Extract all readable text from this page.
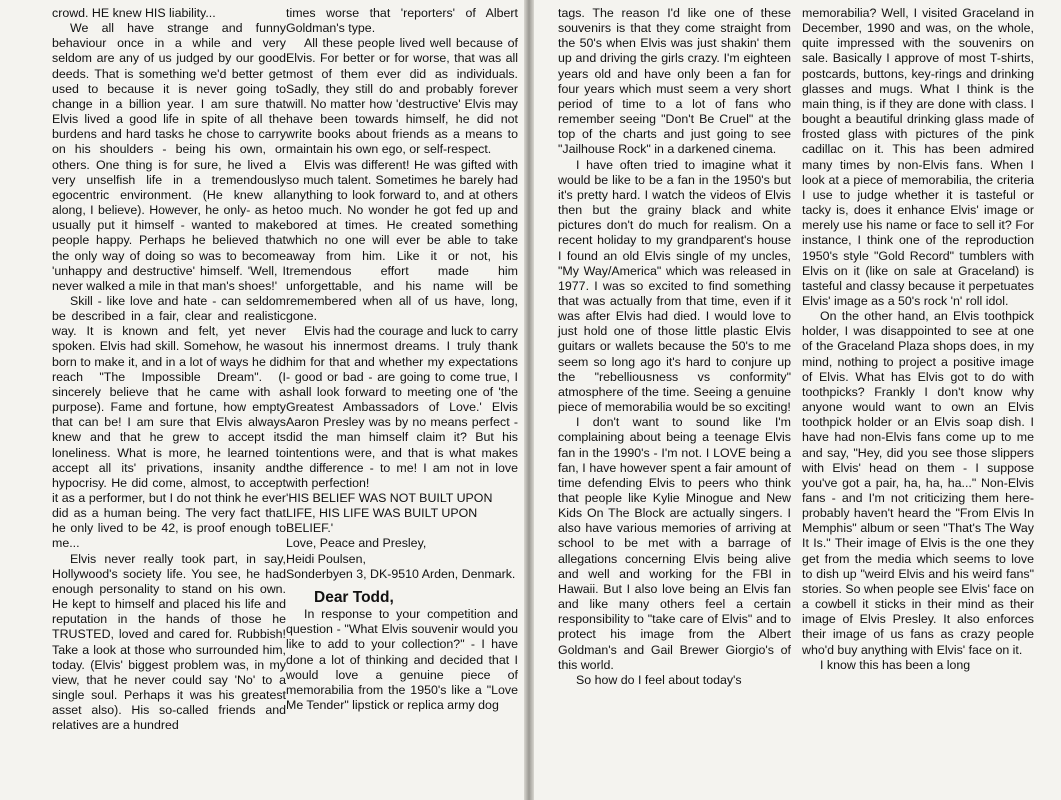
crowd. HE knew HIS liability...

We all have strange and funny behaviour once in a while and very seldom are any of us judged by our good deeds. That is something we'd better get used to because it is never going to change in a billion year. I am sure that Elvis lived a good life in spite of all the burdens and hard tasks he chose to carry on his shoulders - being his own, or others. One thing is for sure, he lived a very unselfish life in a tremendously egocentric environment. (He knew all along, I believe). However, he only- as he usually put it himself - wanted to make people happy. Perhaps he believed that the only way of doing so was to become 'unhappy and destructive' himself. 'Well, I never walked a mile in that man's shoes!'

Skill - like love and hate - can seldom be described in a fair, clear and realistic way. It is known and felt, yet never spoken. Elvis had skill. Somehow, he was born to make it, and in a lot of ways he did reach "The Impossible Dream". (I sincerely believe that he came with a purpose). Fame and fortune, how empty that can be! I am sure that Elvis always knew and that he grew to accept its loneliness. What is more, he learned to accept all its' privations, insanity and hypocrisy. He did come, almost, to accept it as a performer, but I do not think he ever did as a human being. The very fact that he only lived to be 42, is proof enough to me...

Elvis never really took part, in say, Hollywood's society life. You see, he had enough personality to stand on his own. He kept to himself and placed his life and reputation in the hands of those he TRUSTED, loved and cared for. Rubbish! Take a look at those who surrounded him, today. (Elvis' biggest problem was, in my view, that he never could say 'No' to a single soul. Perhaps it was his greatest asset also). His so-called friends and relatives are a hundred

times worse that 'reporters' of Albert Goldman's type.

All these people lived well because of Elvis. For better or for worse, that was all most of them ever did as individuals. Sadly, they still do and probably forever will. No matter how 'destructive' Elvis may have been towards himself, he did not write books about friends as a means to maintain his own ego, or self-respect.

Elvis was different! He was gifted with so much talent. Sometimes he barely had anything to look forward to, and at others too much. No wonder he got fed up and bored at times. He created something which no one will ever be able to take away from him. Like it or not, his tremendous effort made him unforgettable, and his name will be remembered when all of us have, long, gone.

Elvis had the courage and luck to carry out his innermost dreams. I truly thank him for that and whether my expectations - good or bad - are going to come true, I shall look forward to meeting one of 'the Greatest Ambassadors of Love.' Elvis Aaron Presley was by no means perfect - did the man himself claim it? But his intentions were, and that is what makes the difference - to me! I am not in love with perfection!

'HIS BELIEF WAS NOT BUILT UPON LIFE, HIS LIFE WAS BUILT UPON BELIEF.'

Love, Peace and Presley,

Heidi Poulsen,

Sonderbyen 3, DK-9510 Arden, Denmark.

Dear Todd,

In response to your competition and question - "What Elvis souvenir would you like to add to your collection?" - I have done a lot of thinking and decided that I would love a genuine piece of memorabilia from the 1950's like a "Love Me Tender" lipstick or replica army dog

tags. The reason I'd like one of these souvenirs is that they come straight from the 50's when Elvis was just shakin' them up and driving the girls crazy. I'm eighteen years old and have only been a fan for four years which must seem a very short period of time to a lot of fans who remember seeing "Don't Be Cruel" at the top of the charts and just going to see "Jailhouse Rock" in a darkened cinema.

I have often tried to imagine what it would be like to be a fan in the 1950's but it's pretty hard. I watch the videos of Elvis then but the grainy black and white pictures don't do much for realism. On a recent holiday to my grandparent's house I found an old Elvis single of my uncles, "My Way/America" which was released in 1977. I was so excited to find something that was actually from that time, even if it was after Elvis had died. I would love to just hold one of those little plastic Elvis guitars or wallets because the 50's to me seem so long ago it's hard to conjure up the "rebelliousness vs conformity" atmosphere of the time. Seeing a genuine piece of memorabilia would be so exciting!

I don't want to sound like I'm complaining about being a teenage Elvis fan in the 1990's - I'm not. I LOVE being a fan, I have however spent a fair amount of time defending Elvis to peers who think that people like Kylie Minogue and New Kids On The Block are actually singers. I also have various memories of arriving at school to be met with a barrage of allegations concerning Elvis being alive and well and working for the FBI in Hawaii. But I also love being an Elvis fan and like many others feel a certain responsibility to "take care of Elvis" and to protect his image from the Albert Goldman's and Gail Brewer Giorgio's of this world.

So how do I feel about today's

memorabilia? Well, I visited Graceland in December, 1990 and was, on the whole, quite impressed with the souvenirs on sale. Basically I approve of most T-shirts, postcards, buttons, key-rings and drinking glasses and mugs. What I think is the main thing, is if they are done with class. I bought a beautiful drinking glass made of frosted glass with pictures of the pink cadillac on it. This has been admired many times by non-Elvis fans. When I look at a piece of memorabilia, the criteria I use to judge whether it is tasteful or tacky is, does it enhance Elvis' image or merely use his name or face to sell it? For instance, I think one of the reproduction 1950's style "Gold Record" tumblers with Elvis on it (like on sale at Graceland) is tasteful and classy because it perpetuates Elvis' image as a 50's rock 'n' roll idol.

On the other hand, an Elvis toothpick holder, I was disappointed to see at one of the Graceland Plaza shops does, in my mind, nothing to project a positive image of Elvis. What has Elvis got to do with toothpicks? Frankly I don't know why anyone would want to own an Elvis toothpick holder or an Elvis soap dish. I have had non-Elvis fans come up to me and say, "Hey, did you see those slippers with Elvis' head on them - I suppose you've got a pair, ha, ha, ha..." Non-Elvis fans - and I'm not criticizing them here- probably haven't heard the "From Elvis In Memphis" album or seen "That's The Way It Is." Their image of Elvis is the one they get from the media which seems to love to dish up "weird Elvis and his weird fans" stories. So when people see Elvis' face on a cowbell it sticks in their mind as their image of Elvis Presley. It also enforces their image of us fans as crazy people who'd buy anything with Elvis' face on it.

I know this has been a long
